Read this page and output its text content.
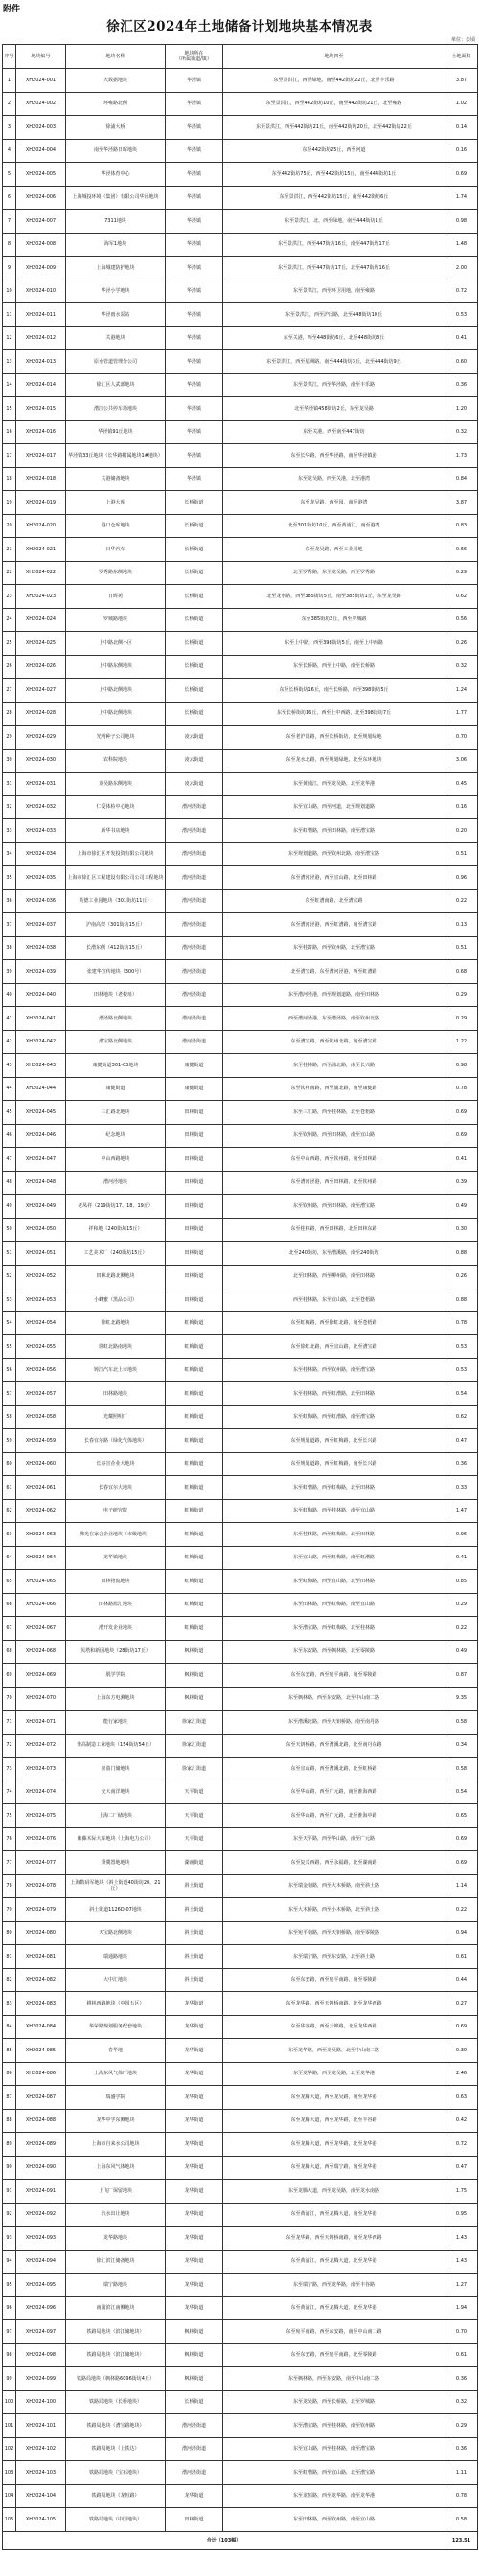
附件
徐汇区2024年土地储备计划地块基本情况表
单位：公顷
序号	地块编号	地块名称	地块所在
（所属街道/镇）	地块四至	土地面积
1	XH2024-001	大数据地块	华泾镇	东至景洪江，西至绿地，南至442街坊22丘，北至丰乐路	3.87
2	XH2024-002	环雍路北侧	华泾镇	东至景洪江，西至442街坊10丘，南至442街坊21丘，北至雍路	1.02
3	XH2024-003	徐浦大桥	华泾镇	东至景洪江，西至442街坊21丘，南至442街坊20丘，北至442街坊22丘	0.14
4	XH2024-004	南至华泾路日晖地块	华泾镇	东至442街坊25丘，西至河道	0.16
5	XH2024-005	华泾体育中心	华泾镇	东至442街坊75丘，西至442街坊15丘，南至444街坊1丘	0.69
6	XH2024-006	上海城投环境（集团）有限公司华泾地块	华泾镇	东至景洪江，西至442街坊15丘，南至442街坊6丘	1.74
7	XH2024-007	7311地块	华泾镇	东至景洪江，北、西至绿地，南至444街坊1丘	0.98
8	XH2024-008	海军1地块	华泾镇	东至景洪江，西至447街坊16丘，南至447街坊17丘	1.48
9	XH2024-009	上海城建防护地块	华泾镇	东至景洪江，西至447街坊17丘，北至447街坊16丘	2.00
10	XH2024-010	华泾小学地块	华泾镇	东至景洪江，西至环卫用地，南至雍路	0.72
11	XH2024-011	华泾雨水泵站	华泾镇	东至景洪江，西至沪闵路，北至448街坊10丘	0.53
12	XH2024-012	关港地块	华泾镇	东至关港，西至448街坊6丘，北至448街坊8丘	0.41
13	XH2024-013	原水管道管理分公司	华泾镇	东至景洪江，西至星洲路，南至444街坊3丘，北至444街坊9丘	0.60
14	XH2024-014	徐汇区人武部地块	华泾镇	东至景洪江，西至华泾路，南至丰乐路	0.36
15	XH2024-015	漕江公共停车场地块	华泾镇	北至华泾镇458街坊2丘，东至龙吴路	1.20
16	XH2024-016	华泾镇91丘地块	华泾镇	东至关港，西至南至447街坊	0.32
17	XH2024-017	华泾镇33丘地块（长华路附属地块1#地块）	华泾镇	东至长华路，西至华泾路，南至华泾镇港	1.73
18	XH2024-018	关港储备地块	华泾镇	东至龙吴路，西至关港，北至港湾	0.84
19	XH2024-019	上港大库	长桥街道	东至龙吴路，西至园，南至港湾	3.87
20	XH2024-020	港口仓库地块	长桥街道	北至301街坊10丘，西至黄浦江，南至港湾	0.83
21	XH2024-021	日华汽车	长桥街道	东至龙吴路，西至工业用地	0.66
22	XH2024-022	罗秀路东侧地块	长桥街道	北至罗秀路，东至龙吴路，西至罗秀路	0.29
23	XH2024-023	日晖苑	长桥街道	北至龙水路，西至385街坊5丘，南至385街坊1丘，东至龙吴路	0.62
24	XH2024-024	罗城路地块	长桥街道	东至385街坊2丘，西至罗城路	0.56
25	XH2024-025	上中路北侧小区	长桥街道	东至上中路，西至398街坊5丘，南至上中西路	0.26
26	XH2024-026	上中路东侧地块	长桥街道	东至长桥路，西至上中路，南至长桥路	0.32
27	XH2024-027	上中路北侧地块	长桥街道	东至长桥街坊16丘，南至长桥路，西至398街坊5丘	1.24
28	XH2024-028	上中路北侧地块	长桥街道	东至长桥街坊16丘，西至上中西路，北至398街坊7丘	1.77
29	XH2024-029	光明种子公司地块	凌云街道	东至老沪闵路，西至长桥街坊，北至规划绿地	0.70
30	XH2024-030	农科院地块	凌云街道	东至龙水北路，西至规划绿地，北至东环地块	3.06
31	XH2024-031	龙吴路东侧地块	凌云街道	东至黄浦江，西至龙吴路，北至龙华港	0.45
32	XH2024-032	仁爱体检中心地块	漕河泾街道	东至宜山路，西至河道，北至规划道路	0.16
33	XH2024-033	新华书店地块	漕河泾街道	东至虹漕路，西至田林路，南至漕宝路	0.20
34	XH2024-034	上海市徐汇区开发投资有限公司地块	漕河泾街道	东至规划道路，西至钦州北路，南至漕宝路	0.51
35	XH2024-035	上海市徐汇区工程建设有限公司公司工程地块	漕河泾街道	东至漕河泾港，西至宜山路，北至田林路	0.96
36	XH2024-036	英德工业园地块（301街坊11丘）	漕河泾街道	东至虹漕南路，北至漕宝路	0.22
37	XH2024-037	沪南高架（301街坊15丘）	漕河泾街道	东至漕河泾港，西至虹漕路，南至漕宝路	0.13
38	XH2024-038	长漕东侧（412街坊15丘）	漕河泾街道	东至桂箐路，西至钦州路，北至漕宝路	0.51
39	XH2024-039	张建华宣传地块（300号）	漕河泾街道	北至漕宝路，东至漕河泾港，西至虹漕路	0.68
40	XH2024-040	田林地块（老校址）	漕河泾街道	东至漕河泾港，西至规划道路，南至田林路	0.29
41	XH2024-041	漕泾路北侧地块	漕河泾街道	西至漕河泾港，东至漕泾路，南至钦州北路	0.29
42	XH2024-042	漕宝路北侧地块	漕河泾街道	东至漕宝路，西至钦州北路，南至漕宝路	1.22
43	XH2024-043	康健街道301-03地块	康健街道	东至桂林路，西至浦北路，南至长兴路	0.98
44	XH2024-044	康健街道	康健街道	东至钦州南路，西至浦北路，南至康健路	0.78
45	XH2024-045	三汇路北地块	田林街道	东至三汇路，西至桂林路，北至苍梧路	0.69
46	XH2024-046	纪念地块	田林街道	东至钦州路，西至田林路，南至宜山路	0.69
47	XH2024-047	中山西路地块	田林街道	东至中山西路，西至钦州路，南至田林路	0.41
48	XH2024-048	漕河泾地块	田林街道	东至漕河泾港，西至田林路，北至钦州路	0.39
49	XH2024-049	老凤祥（219街坊17、18、19丘）	田林街道	东至钦州路，西至田林路，南至漕宝路	0.49
50	XH2024-050	祥和地（240街坊15丘）	田林街道	东至桂林路，西至田林路，北至田林东路	0.30
51	XH2024-051	工艺美术厂（240街坊15丘）	田林街道	北至240街坊，东至漕溪路，南至240街坊	0.88
52	XH2024-052	田林北路北侧地块	田林街道	北至田林路，西至柳州路，南至田林路	0.26
53	XH2024-053	小蜂蜜（黑品公司）	田林街道	西至桂林路，东至宜山路，北至苍梧路	0.88
54	XH2024-054	徐虹北路地块	虹梅街道	东至虹梅路，西至徐虹北路，南至苍梧路	0.78
55	XH2024-055	徐虹北路南地块	虹梅街道	东至徐虹北路，西至宜山路，北至漕宝路	0.53
56	XH2024-056	铸江汽车北上市地块	虹梅街道	东至桂林路，西至钦州路，南至漕宝路	0.53
57	XH2024-057	田林路地块	虹梅街道	东至桂林路，西至虹漕路，北至田林路	0.54
58	XH2024-058	光耀照明厂	虹梅街道	东至虹梅路，西至虹漕路，南至漕宝路	0.62
59	XH2024-059	长春宜尔路（绿化气体地块）	虹梅街道	东至规划道路，西至虹梅路，北至长兴路	0.47
60	XH2024-060	长春宣企业大地块	虹梅街道	东至规划道路，西至虹梅路，南至长兴路	0.36
61	XH2024-061	长春宜尔大地块	虹梅街道	东至虹漕路，西至虹梅路，北至田林路	0.33
62	XH2024-062	电子研究院	虹梅街道	东至虹梅路，西至桂林路，南至宜山路	1.47
63	XH2024-063	佛光在家合企业地块（市级地块）	虹梅街道	东至桂林路，西至虹梅路，北至田林路	0.96
64	XH2024-064	龙华镇地块	虹梅街道	东至宜山路，西至虹梅路，南至虹漕路	0.41
65	XH2024-065	田林物流地块	虹梅街道	东至虹梅路，西至宜山路，北至田林路	0.85
66	XH2024-066	田林路篮汇地块	虹梅街道	东至田林路，西至虹梅路，南至宜山路	0.29
67	XH2024-067	漕开发企业地块	虹梅街道	东至漕宝路，西至虹梅路，北至桂林路	0.22
68	XH2024-068	贝塔和新园地块（28街坊17丘）	枫林街道	东至东安路，西至枫林路，北至零陵路	0.49
69	XH2024-069	肌学学院	枫林街道	东至东安路，西至宛平南路，南至零陵路	0.87
70	XH2024-070	上海东方电测地块	枫林街道	东至枫林路，西至东安路，北至中山南二路	9.35
71	XH2024-071	能行家地块	徐家汇街道	东至漕溪北路，西至天钥桥路，南至南丹路	0.58
72	XH2024-072	垂高制造工业地块（154街坊54丘）	徐家汇街道	东至天钥桥路，西至漕溪北路，北至南丹东路	0.34
73	XH2024-073	喜盈门储地块	徐家汇街道	东至宜山路，西至漕溪北路，北至虹桥路	0.58
74	XH2024-074	交大南洋地块	天平街道	东至华山路，西至广元路，南至淮海西路	0.54
75	XH2024-075	上海二厂储地块	天平街道	东至华山路，西至广元路，北至淮海中路	0.65
76	XH2024-076	紫藤木际大库地块（上海电力公司）	天平街道	东至天平路，西至华山路，南至广元路	0.69
77	XH2024-077	秉冀置地地块	湖南街道	东至复兴西路，西至永福路，北至湖南路	0.69
78	XH2024-078	上海数码军地块（斜土街道40街坊20、21丘）	斜土街道	东至瑞金南路，西至大木桥路，南至斜土路	1.14
79	XH2024-079	斜土街道1126D-07地块	斜土街道	东至大木桥路，西至小木桥路，北至斜土路	0.22
80	XH2024-080	天宝路北侧地块	斜土街道	东至宛平南路，西至天钥桥路，南至零陵路	0.94
81	XH2024-081	瑞通路地块	斜土街道	东至瑞宁路，西至东安路，北至斜土路	0.61
82	XH2024-082	大中汇地块	斜土街道	东至东安路，西至宛平南路，南至零陵路	0.44
83	XH2024-083	耕林西路地块（中国五区）	龙华街道	东至龙华路，西至天钥桥南路，北至龙华西路	0.27
84	XH2024-084	华荣路规划服务配套地块	龙华街道	东至华容路，西至云锦路，北至龙华西路	0.69
85	XH2024-085	春华地	龙华街道	东至龙华路，西至龙吴路，北至中山南二路	0.30
86	XH2024-086	上海东风气体厂地块	龙华街道	东至龙华路，西至龙吴路，北至龙华港	2.46
87	XH2024-087	瑞盛学院	龙华街道	东至龙腾大道，西至龙吴路，南至龙华港	0.63
88	XH2024-088	龙华中学东侧地块	龙华街道	东至龙腾大道，西至龙华路，北至丰谷路	0.42
89	XH2024-089	上海市自来水公司地块	龙华街道	东至龙腾大道，西至龙华路，北至龙华港	0.72
90	XH2024-090	上海东风气体地块	龙华街道	东至龙腾大道，西至瑞宁路，南至龙华港	0.47
91	XH2024-091	上飞厂保留地块	龙华街道	东至龙腾大道，西至龙吴路，南至龙水南路	1.75
92	XH2024-092	汽水出让地块	龙华街道	东至黄浦江，西至龙腾大道，南至龙华港	0.95
93	XH2024-093	龙华路地块	龙华街道	东至龙华路，西至天钥桥南路，南至龙华西路	1.43
94	XH2024-094	徐汇滨江储备地块	龙华街道	东至黄浦江，西至龙腾大道，北至龙华港	1.43
95	XH2024-095	瑞宁路地块	龙华街道	东至瑞宁路，西至龙华路，南至丰谷路	1.27
96	XH2024-096	南浦滨江南侧地块	龙华街道	东至黄浦江，西至龙腾大道，北至龙华港	1.94
97	XH2024-097	铁路局地块（滨江储地块）	枫林街道	东至宛平南路，西至东安路，南至中山南二路	0.70
98	XH2024-098	铁路局地块（滨江储地块）	枫林街道	东至东安路，西至宛平南路，北至零陵路	0.61
99	XH2024-099	铁路局地块（枫林路6096街坊4丘）	枫林街道	东至枫林路，西至东安路，南至中山南二路	0.36
100	XH2024-100	铁路局地块（长桥地块）	长桥街道	东至龙吴路，西至长桥路，北至罗城路	0.32
101	XH2024-101	铁路局地块（漕宝路地块）	漕河泾街道	东至漕宝路，西至桂林路，南至钦州路	0.29
102	XH2024-102	铁路局地块（上铁达）	漕河泾街道	东至宜山路，西至桂林路，南至漕宝路	0.36
103	XH2024-103	铁路局地块（宝石地块）	漕河泾街道	东至虹漕路，西至宜山路，北至漕宝路	1.11
104	XH2024-104	铁路局地块（龙恒路）	龙华街道	东至龙恒路，西至龙华路，南至龙华港	0.78
105	XH2024-105	铁路局地块（中国地块）	田林街道	东至田林路，西至钦州路，南至宜山路	0.58
合计（103幅）					123.51
